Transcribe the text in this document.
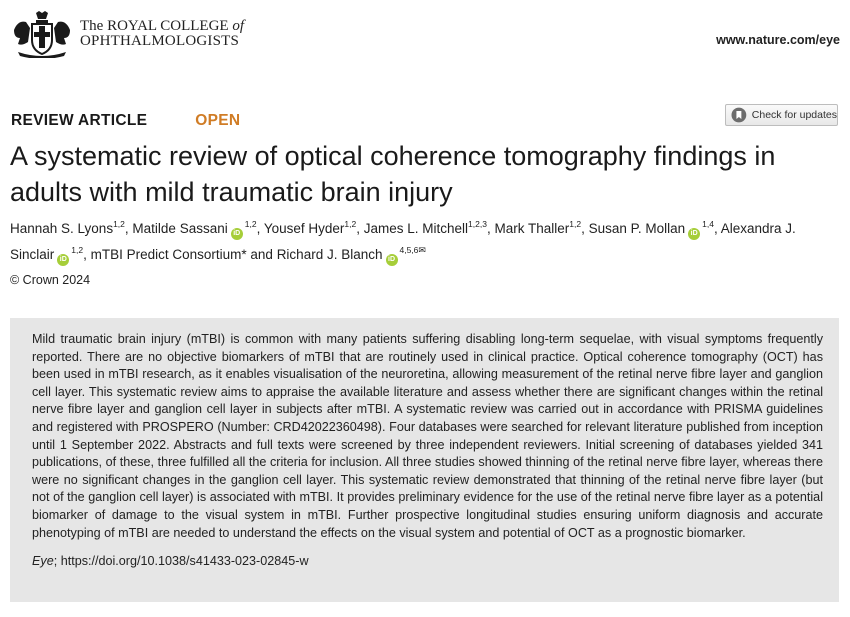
The ROYAL COLLEGE of
OPHTHALMOLOGISTS	www.nature.com/eye
REVIEW ARTICLE	OPEN	Check for updates
A systematic review of optical coherence tomography findings in adults with mild traumatic brain injury
Hannah S. Lyons$^{1,2}$, Matilde Sassani iD$^{1,2}$, Yousef Hyder$^{1,2}$, James L. Mitchell$^{1,2,3}$, Mark Thaller$^{1,2}$, Susan P. Mollan iD$^{1,4}$, Alexandra J. Sinclair iD$^{1,2}$, mTBI Predict Consortium* and Richard J. Blanch $iD^{4,5,6✉}$
© Crown 2024
Mild traumatic brain injury (mTBI) is common with many patients suffering disabling long-term sequelae, with visual symptoms frequently reported. There are no objective biomarkers of mTBI that are routinely used in clinical practice. Optical coherence tomography (OCT) has been used in mTBI research, as it enables visualisation of the neuroretina, allowing measurement of the retinal nerve fibre layer and ganglion cell layer. This systematic review aims to appraise the available literature and assess whether there are significant changes within the retinal nerve fibre layer and ganglion cell layer in subjects after mTBI. A systematic review was carried out in accordance with PRISMA guidelines and registered with PROSPERO (Number: CRD42022360498). Four databases were searched for relevant literature published from inception until 1 September 2022. Abstracts and full texts were screened by three independent reviewers. Initial screening of databases yielded 341 publications, of these, three fulfilled all the criteria for inclusion. All three studies showed thinning of the retinal nerve fibre layer, whereas there were no significant changes in the ganglion cell layer. This systematic review demonstrated that thinning of the retinal nerve fibre layer (but not of the ganglion cell layer) is associated with mTBI. It provides preliminary evidence for the use of the retinal nerve fibre layer as a potential biomarker of damage to the visual system in mTBI. Further prospective longitudinal studies ensuring uniform diagnosis and accurate phenotyping of mTBI are needed to understand the effects on the visual system and potential of OCT as a prognostic biomarker.
Eye; https://doi.org/10.1038/s41433-023-02845-w
